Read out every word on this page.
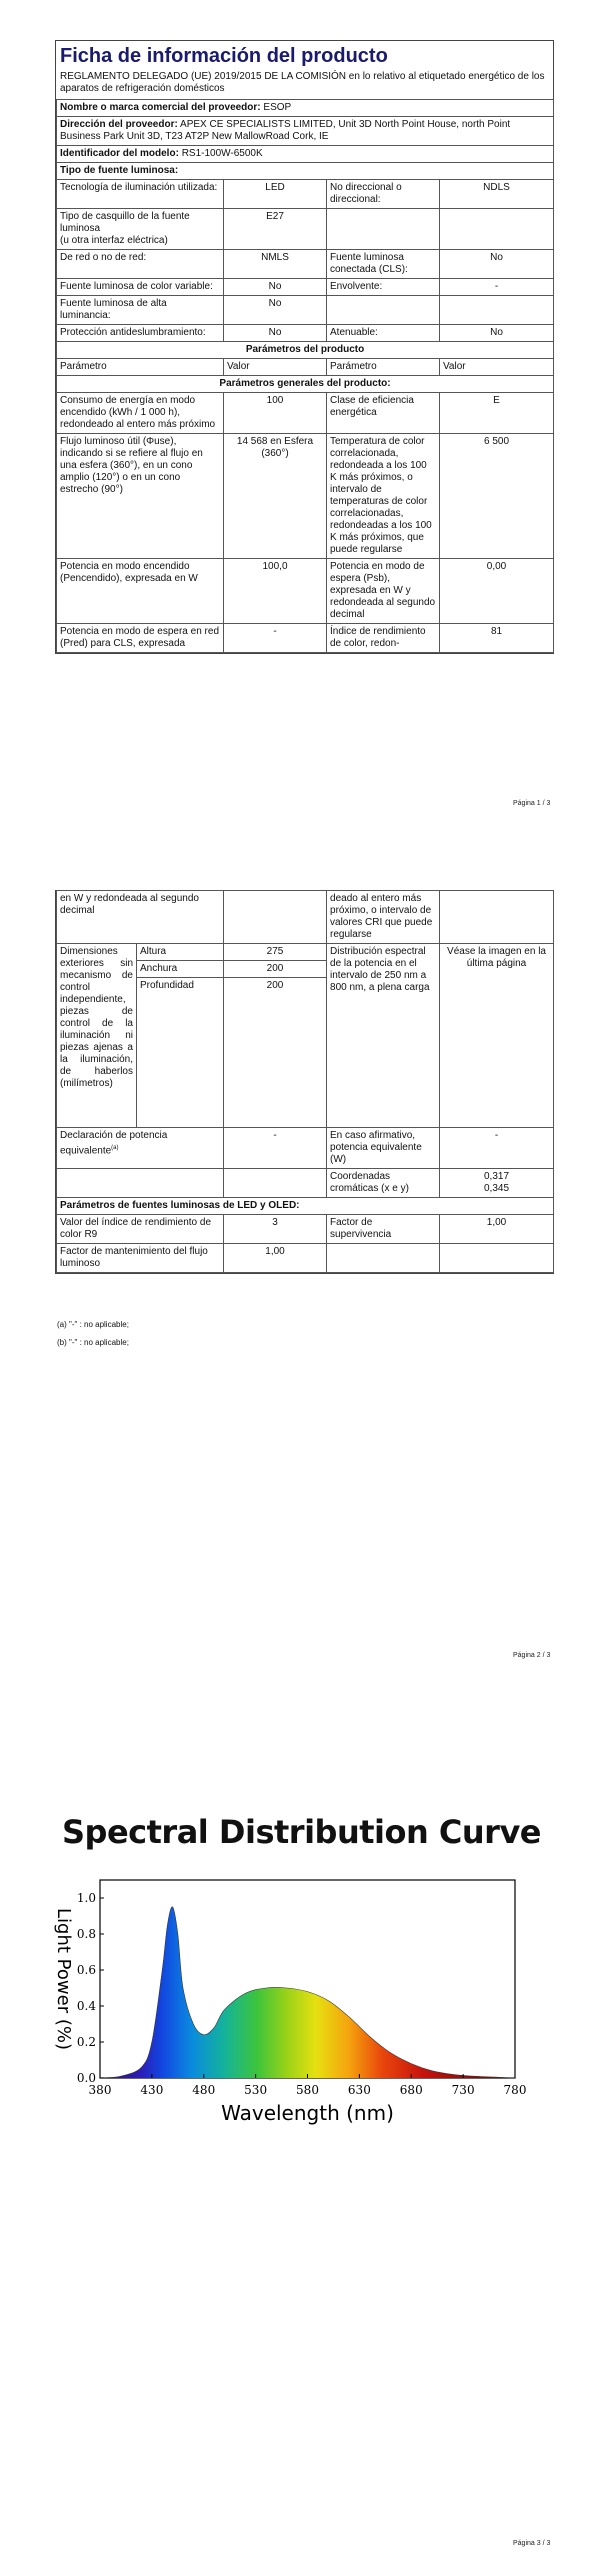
Ficha de información del producto
REGLAMENTO DELEGADO (UE) 2019/2015 DE LA COMISIÓN en lo relativo al etiquetado energético de los aparatos de refrigeración domésticos
Nombre o marca comercial del proveedor: ESOP			
Dirección del proveedor: APEX CE SPECIALISTS LIMITED, Unit 3D North Point House, north Point Business Park Unit 3D, T23 AT2P New MallowRoad Cork, IE			
Identificador del modelo: RS1-100W-6500K			
Tipo de fuente luminosa:			
Tecnología de iluminación utilizada:	LED	No direccional o direccional:	NDLS
Tipo de casquillo de la fuente luminosa
(u otra interfaz eléctrica)	E27		
De red o no de red:	NMLS	Fuente luminosa conectada (CLS):	No
Fuente luminosa de color variable:	No	Envolvente:	-
Fuente luminosa de alta luminancia:	No		
Protección antideslumbramiento:	No	Atenuable:	No
Parámetros del producto			
Parámetro	Valor	Parámetro	Valor
Parámetros generales del producto:			
Consumo de energía en modo encendido (kWh / 1 000 h), redondeado al entero más próximo	100	Clase de eficiencia energética	E
Flujo luminoso útil (Φuse), indicando si se refiere al flujo en una esfera (360°), en un cono amplio (120°) o en un cono estrecho (90°)	14 568 en Esfera (360°)	Temperatura de color correlacionada, redondeada a los 100 K más próximos, o intervalo de temperaturas de color correlacionadas, redondeadas a los 100 K más próximos, que puede regularse	6 500
Potencia en modo encendido (Pencendido), expresada en W	100,0	Potencia en modo de espera (Psb), expresada en W y redondeada al segundo decimal	0,00
Potencia en modo de espera en red (Pred) para CLS, expresada	-	Índice de rendimiento de color, redon-	81
Página 1 / 3
en W y redondeada al segundo decimal			deado al entero más próximo, o intervalo de valores CRI que puede regularse	
Dimensiones exteriores sin mecanismo de control independiente, piezas de control de la iluminación ni piezas ajenas a la iluminación, de haberlos (milímetros)	Altura	275	Distribución espectral de la potencia en el intervalo de 250 nm a 800 nm, a plena carga	Véase la imagen en la última página
	Anchura	200		
	Profundidad	200		
Declaración de potencia equivalente$^{(a)}$		-	En caso afirmativo, potencia equivalente (W)	-
			Coordenadas cromáticas (x e y)	0,317
0,345

Parámetros de fuentes luminosas de LED y OLED:				
Valor del índice de rendimiento de color R9		3	Factor de supervivencia	1,00
Factor de mantenimiento del flujo luminoso		1,00		
(a) "-" : no aplicable;
(b) "-" : no aplicable;
Página 2 / 3
Spectral Distribution Curve
380 430 480 530 580 630 680 730 780
0.0
0.2
0.4
0.6
0.8
1.0
Wavelength (nm)
Light Power (%)
Página 3 / 3
